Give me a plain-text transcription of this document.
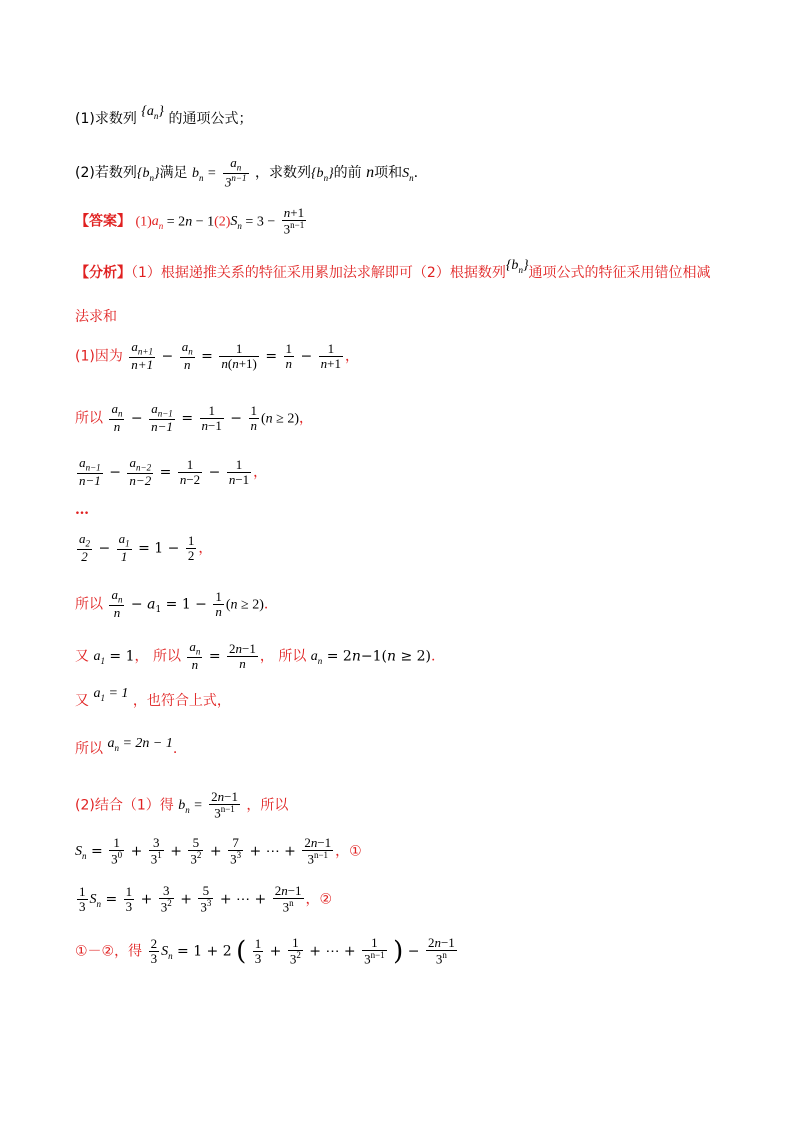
(1)求数列 $\{a_n\}$ 的通项公式；
(2)若数列$\{b_n\}$满足 $b_n = \frac{a_n}{3^{n-1}}$ ，求数列$\{b_n\}$的前 n项和$S_n$.
【答案】 $(1)a_n = 2n - 1(2)S_n = 3 - \frac{n+1}{3^{n-1}}$
【分析】（1）根据递推关系的特征采用累加法求解即可（2）根据数列$\{b_n\}$通项公式的特征采用错位相减
法求和
(1)因为 $\frac{a_{n+1}}{n+1} - \frac{a_n}{n} = \frac{1}{n(n+1)} = \frac{1}{n} - \frac{1}{n+1}$ ，
所以 $\frac{a_n}{n} - \frac{a_{n-1}}{n-1} = \frac{1}{n-1} - \frac{1}{n} (n \ge 2)$，
$\frac{a_{n-1}}{n-1} - \frac{a_{n-2}}{n-2} = \frac{1}{n-2} - \frac{1}{n-1}$ ，
…
$\frac{a_2}{2} - \frac{a_1}{1} = 1 - \frac{1}{2}$ ，
所以 $\frac{a_n}{n} - a_1 = 1 - \frac{1}{n} (n \ge 2)$.
又 $a_1 = 1$， 所以 $\frac{a_n}{n} = \frac{2n-1}{n}$ ， 所以 $a_n = 2n-1(n \ge 2)$.
又 $a_1 = 1$ ，也符合上式，
所以 $a_n = 2n - 1$.
(2)结合（1）得 $b_n = \frac{2n-1}{3^{n-1}}$ ，所以
$S_n = \frac{1}{3^0} + \frac{3}{3^1} + \frac{5}{3^2} + \frac{7}{3^3}$ + ⋯ + $\frac{2n-1}{3^{n-1}}$ ，①
$\frac{1}{3} S_n = \frac{1}{3} + \frac{3}{3^2} + \frac{5}{3^3}$ + ⋯ + $\frac{2n-1}{3^n}$ ，②
①－②，得 $\frac{2}{3} S_n = 1 + 2$ ( $\frac{1}{3} + \frac{1}{3^2}$ + ⋯ + $\frac{1}{3^{n-1}}$ ) − $\frac{2n-1}{3^n}$
